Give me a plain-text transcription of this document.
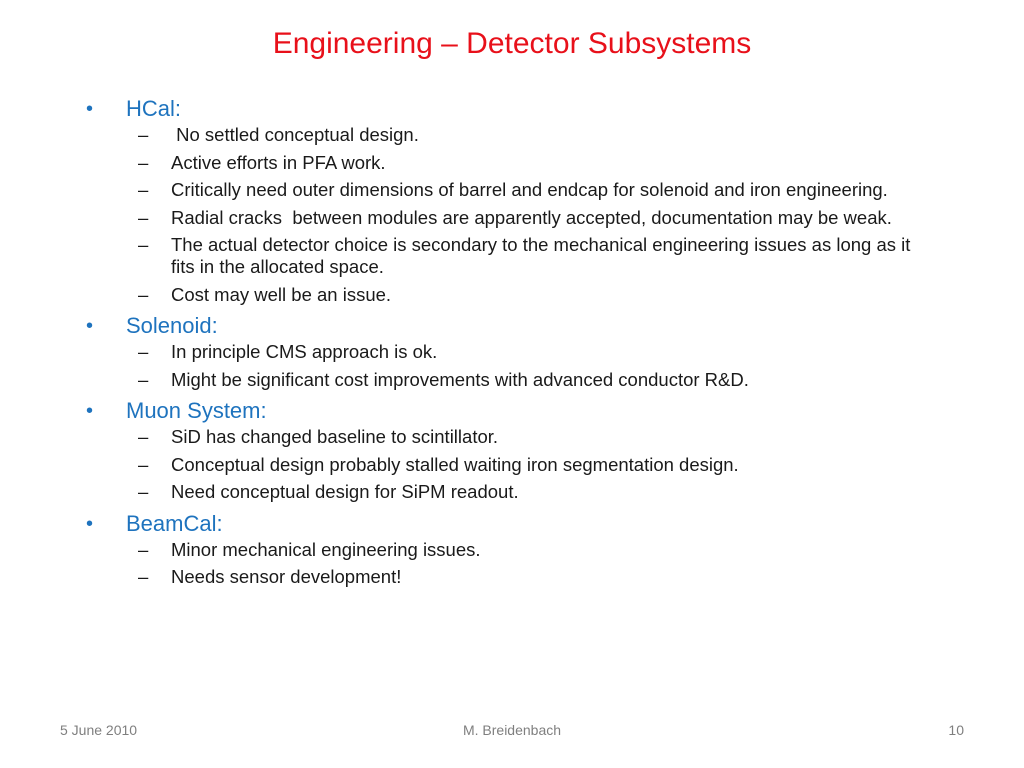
Engineering – Detector Subsystems
• HCal:
– No settled conceptual design.
– Active efforts in PFA work.
– Critically need outer dimensions of barrel and endcap for solenoid and iron engineering.
– Radial cracks  between modules are apparently accepted, documentation may be weak.
– The actual detector choice is secondary to the mechanical engineering issues as long as it fits in the allocated space.
– Cost may well be an issue.
• Solenoid:
– In principle CMS approach is ok.
– Might be significant cost improvements with advanced conductor R&D.
• Muon System:
– SiD has changed baseline to scintillator.
– Conceptual design probably stalled waiting iron segmentation design.
– Need conceptual design for SiPM readout.
• BeamCal:
– Minor mechanical engineering issues.
– Needs sensor development!
5 June 2010	M. Breidenbach	10
